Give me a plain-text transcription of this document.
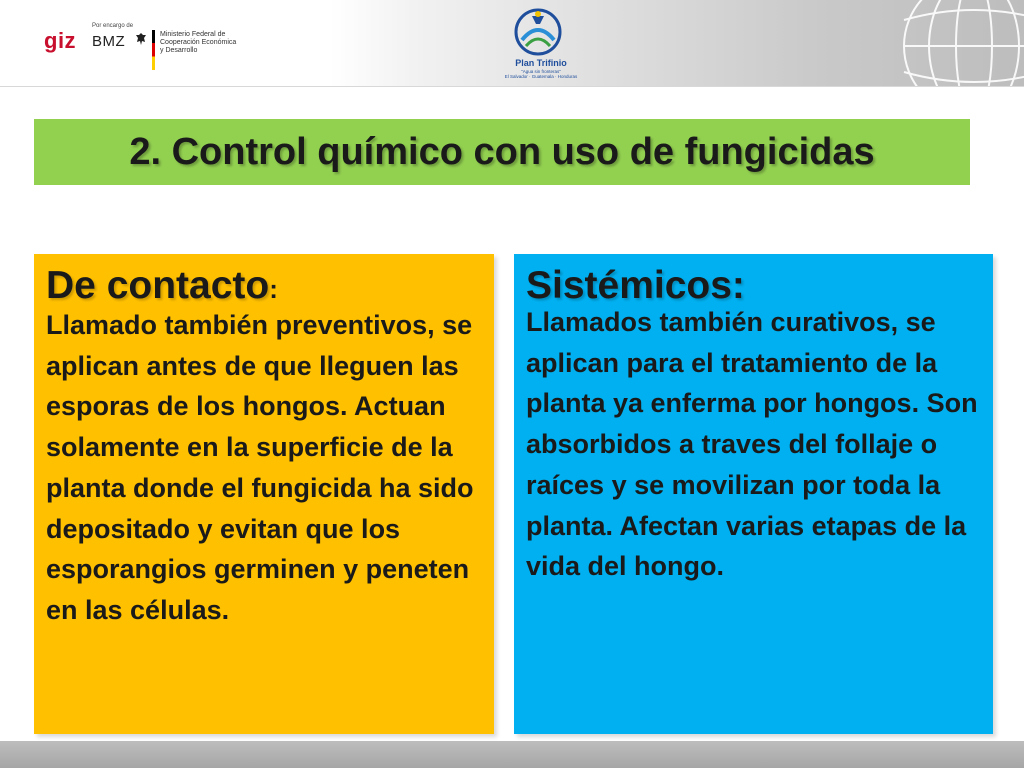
giz
Por encargo de
BMZ	Ministerio Federal de
Cooperación Económica
y Desarrollo
Plan Trifinio
"Agua sin fronteras"
El Salvador · Guatemala · Honduras
2. Control químico con uso de fungicidas
De contacto:
Llamado también preventivos, se aplican antes de que lleguen las esporas de los hongos. Actuan solamente en la superficie de la planta donde el fungicida ha sido depositado y evitan que los esporangios germinen y peneten en las células.
Sistémicos:
Llamados también curativos, se aplican para el tratamiento de la planta ya enferma por hongos. Son absorbidos a traves del follaje o raíces y se movilizan por toda la planta. Afectan varias etapas de la vida del hongo.
